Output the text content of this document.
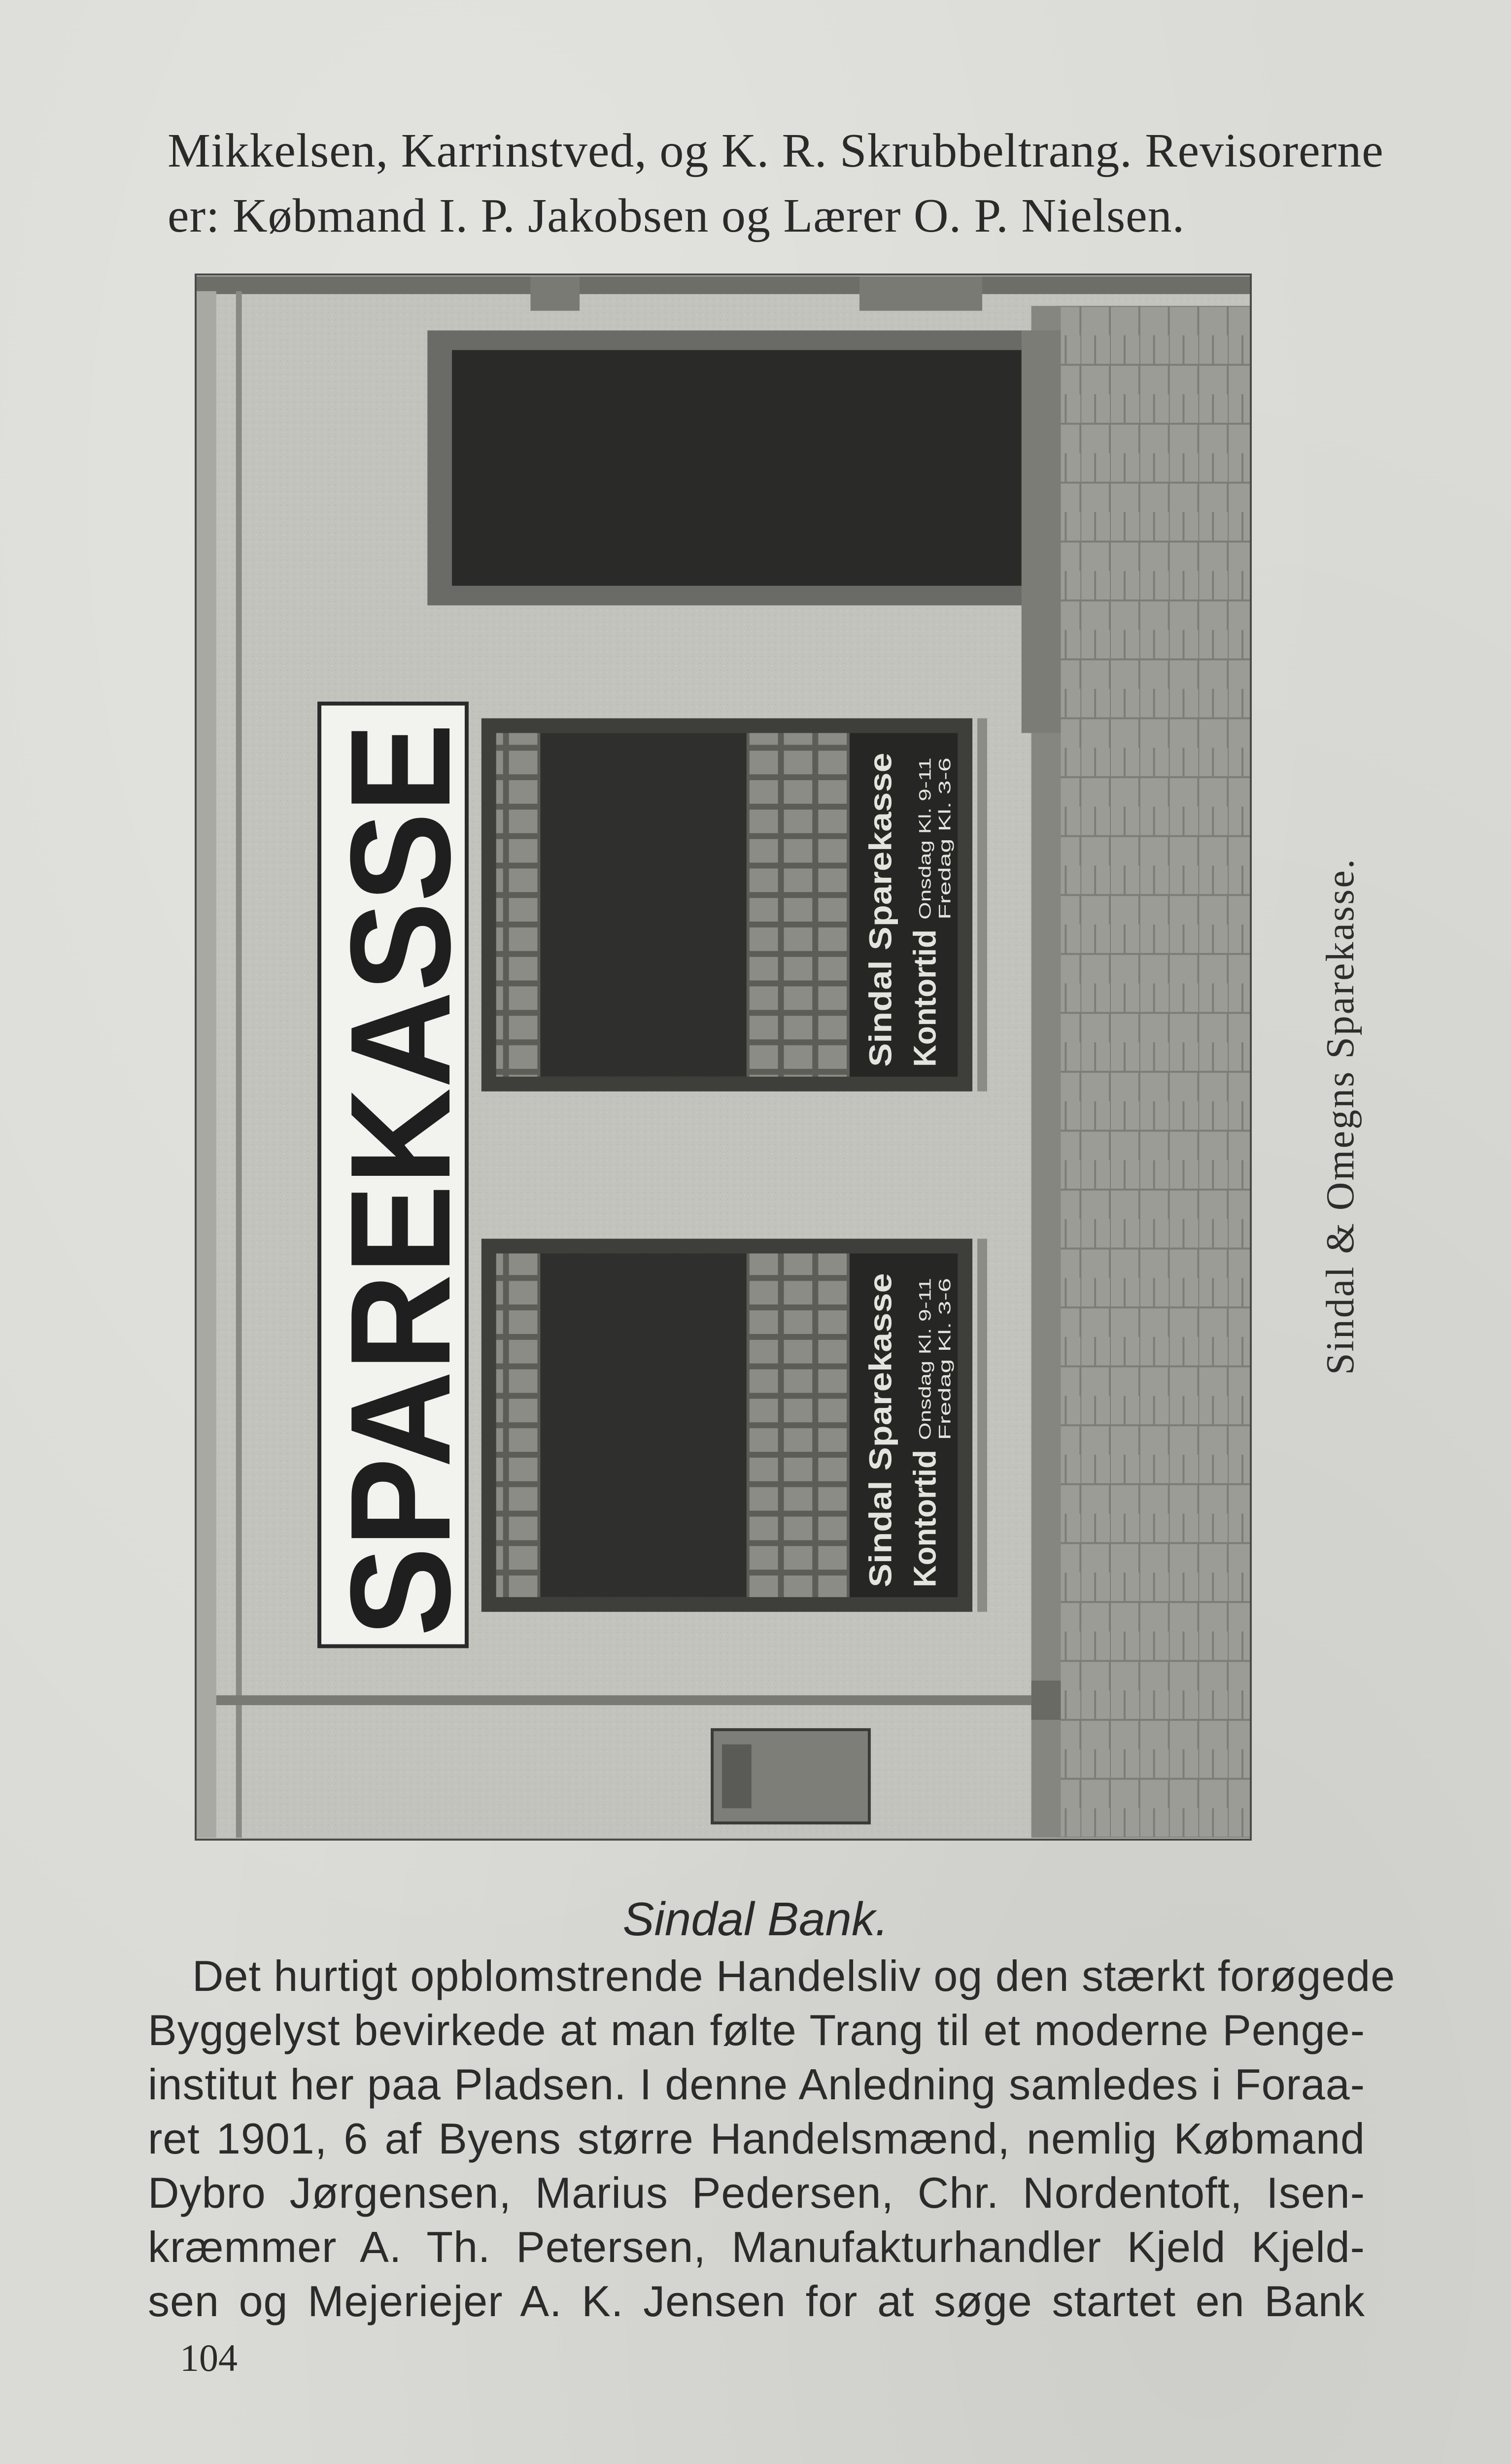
Mikkelsen, Karrinstved, og K. R. Skrubbeltrang. Revisorerne
er: Købmand I. P. Jakobsen og Lærer O. P. Nielsen.
SPAREKASSE	Sindal Sparekasse Kontortid
Onsdag Kl. 9-11 Fredag Kl. 3-6
Sindal Sparekasse Kontortid
Onsdag Kl. 9-11 Fredag Kl. 3-6
Sindal & Omegns Sparekasse.
Sindal Bank.
Det hurtigt opblomstrende Handelsliv og den stærkt forøgede
Byggelyst bevirkede at man følte Trang til et moderne Penge-
institut her paa Pladsen. I denne Anledning samledes i Foraa-
ret 1901, 6 af Byens større Handelsmænd, nemlig Købmand
Dybro Jørgensen, Marius Pedersen, Chr. Nordentoft, Isen-
kræmmer A. Th. Petersen, Manufakturhandler Kjeld Kjeld-
sen og Mejeriejer A. K. Jensen for at søge startet en Bank
104
